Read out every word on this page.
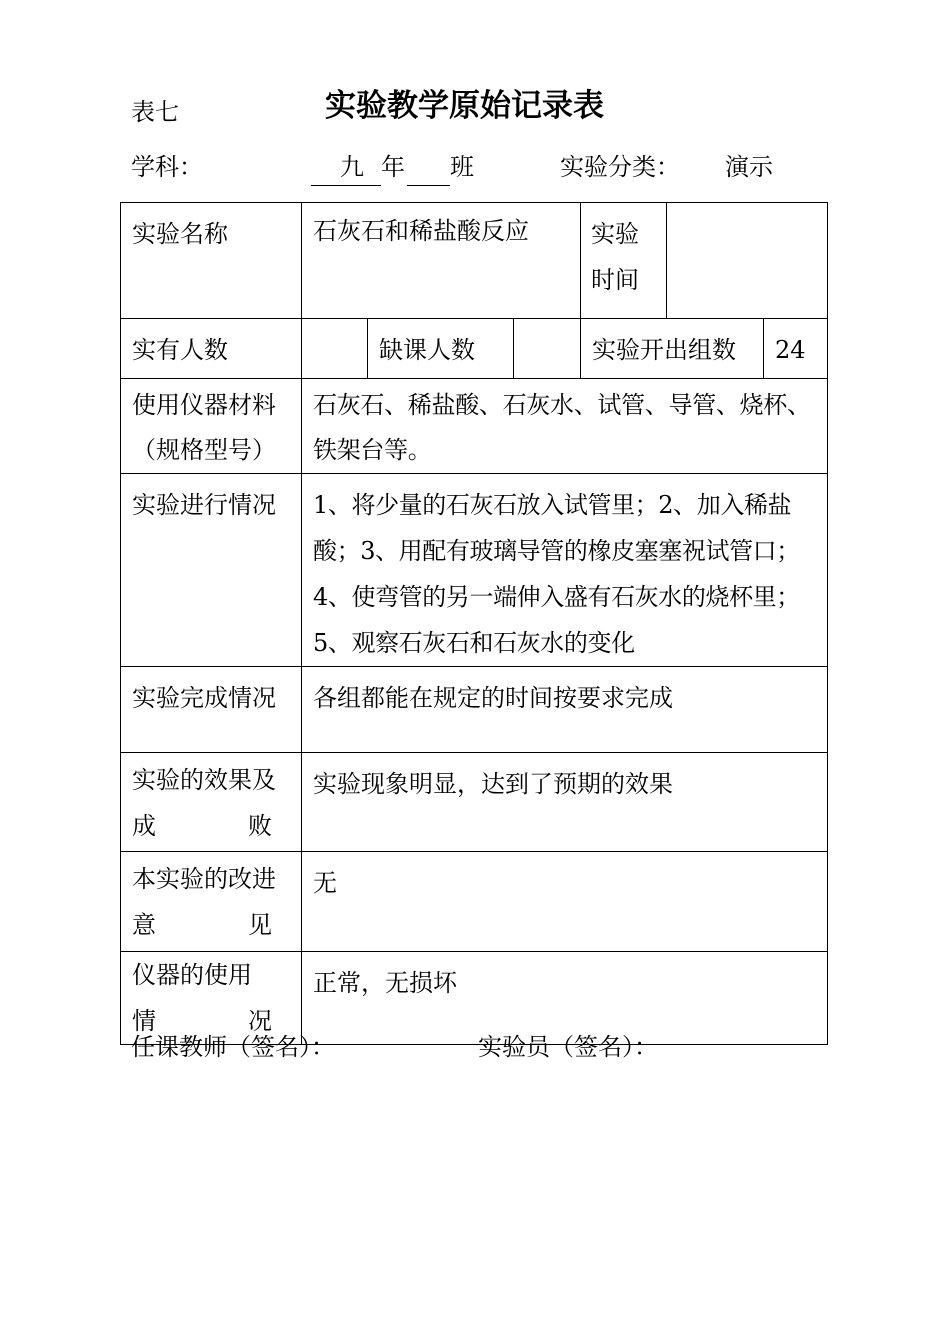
表七	实验教学原始记录表
学科：	九 年 班	实验分类： 演示
实验名称	石灰石和稀盐酸反应			实验时间		
实有人数		缺课人数		实验开出组数		24

使用仪器材料
（规格型号）	石灰石、稀盐酸、石灰水、试管、导管、烧杯、铁架台等。					
实验进行情况	1、将少量的石灰石放入试管里；2、加入稀盐
酸；3、用配有玻璃导管的橡皮塞塞祝试管口；
4、使弯管的另一端伸入盛有石灰水的烧杯里；
5、观察石灰石和石灰水的变化					

实验完成情况	各组都能在规定的时间按要求完成					

实验的效果及
成 败	实验现象明显，达到了预期的效果					

本实验的改进
意 见	无					

仪器的使用
情 况	正常，无损坏					
任课教师（签名）：	实验员（签名）：
